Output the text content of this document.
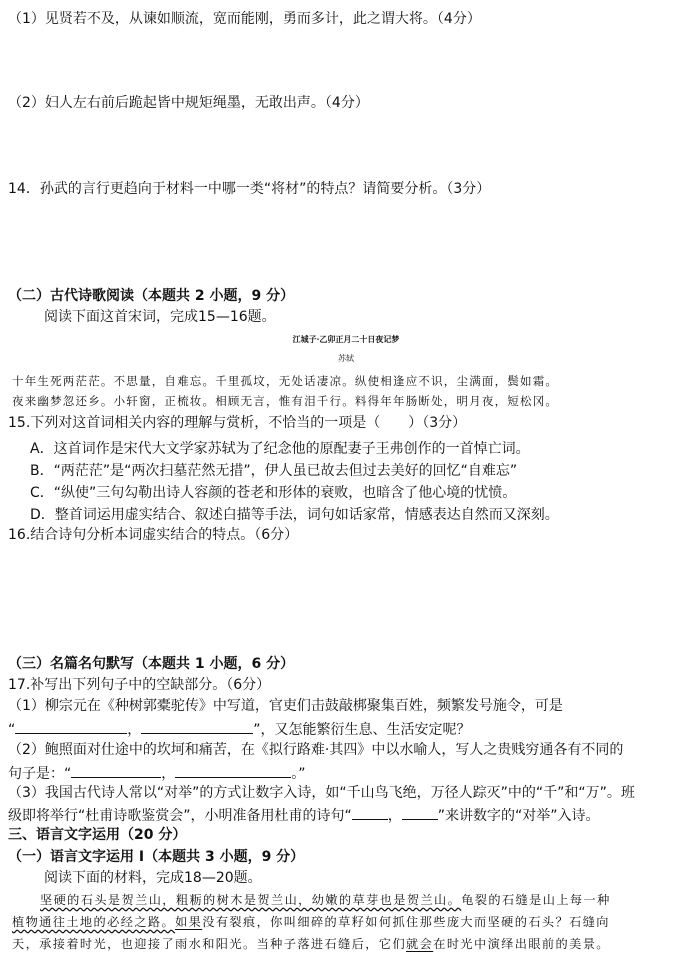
（1）见贤若不及，从谏如顺流，宽而能刚，勇而多计，此之谓大将。（4分）
（2）妇人左右前后跪起皆中规矩绳墨，无敢出声。（4分）
14．孙武的言行更趋向于材料一中哪一类“将材”的特点？请简要分析。（3分）
（二）古代诗歌阅读（本题共 2 小题，9 分）
阅读下面这首宋词，完成15—16题。
江城子·乙卯正月二十日夜记梦
苏轼
十年生死两茫茫。不思量，自难忘。千里孤坟，无处话凄凉。纵使相逢应不识，尘满面，鬓如霜。
夜来幽梦忽还乡。小轩窗，正梳妆。相顾无言，惟有泪千行。料得年年肠断处，明月夜，短松冈。
15.下列对这首词相关内容的理解与赏析，不恰当的一项是（　　）（3分）
A．这首词作是宋代大文学家苏轼为了纪念他的原配妻子王弗创作的一首悼亡词。
B．“两茫茫”是“两次扫墓茫然无措”，伊人虽已故去但过去美好的回忆“自难忘”
C．“纵使”三句勾勒出诗人容颜的苍老和形体的衰败，也暗含了他心境的忧愤。
D．整首词运用虚实结合、叙述白描等手法，词句如话家常，情感表达自然而又深刻。
16.结合诗句分析本词虚实结合的特点。（6分）
（三）名篇名句默写（本题共 1 小题，6 分）
17.补写出下列句子中的空缺部分。（6分）
（1）柳宗元在《种树郭橐驼传》中写道，官吏们击鼓敲梆聚集百姓，频繁发号施令，可是
“	，	”，又怎能繁衍生息、生活安定呢？
（2）鲍照面对仕途中的坎坷和痛苦，在《拟行路难·其四》中以水喻人，写人之贵贱穷通各有不同的
句子是：“	，	。”
（3）我国古代诗人常以“对举”的方式让数字入诗，如“千山鸟飞绝，万径人踪灭”中的“千”和“万”。班
级即将举行“杜甫诗歌鉴赏会”，小明准备用杜甫的诗句“	，	”来讲数字的“对举”入诗。
三、语言文字运用（20 分）
（一）语言文字运用 Ⅰ（本题共 3 小题，9 分）
阅读下面的材料，完成18—20题。
坚硬的石头是贺兰山，粗粝的树木是贺兰山，幼嫩的草芽也是贺兰山。龟裂的石缝是山上每一种
植物通往土地的必经之路。如果没有裂痕，你叫细碎的草籽如何抓住那些庞大而坚硬的石头？石缝向
天，承接着时光，也迎接了雨水和阳光。当种子落进石缝后，它们就会在时光中演绎出眼前的美景。
